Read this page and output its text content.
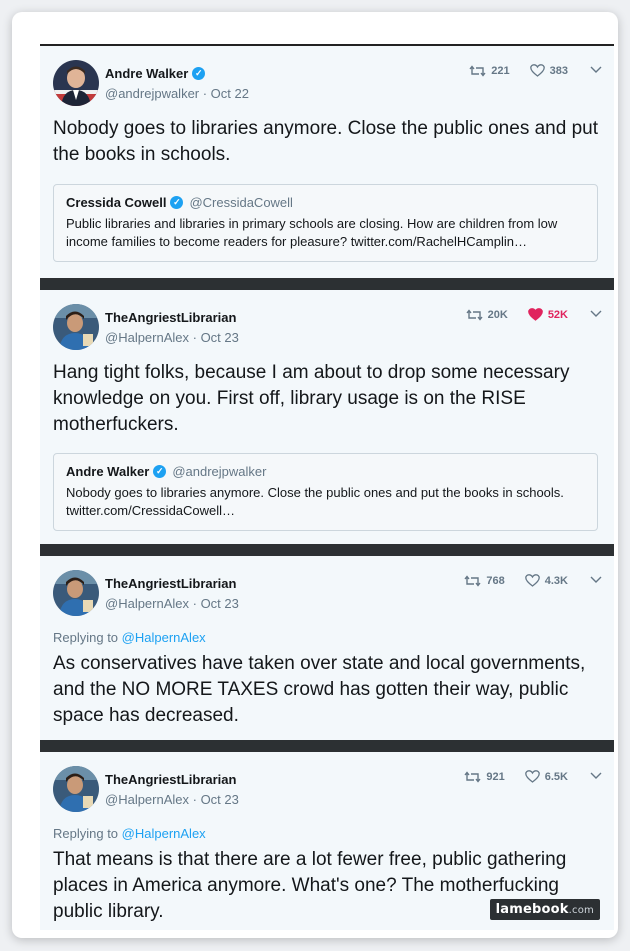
Andre Walker ✓
@andrejpwalker · Oct 22
221	383
Nobody goes to libraries anymore. Close the public ones and put the books in schools.
Cressida Cowell ✓ @CressidaCowell
Public libraries and libraries in primary schools are closing. How are children from low income families to become readers for pleasure? twitter.com/RachelHCamplin…
TheAngriestLibrarian
@HalpernAlex · Oct 23
20K	52K
Hang tight folks, because I am about to drop some necessary knowledge on you. First off, library usage is on the RISE motherfuckers.
Andre Walker ✓ @andrejpwalker
Nobody goes to libraries anymore. Close the public ones and put the books in schools. twitter.com/CressidaCowell…
TheAngriestLibrarian
@HalpernAlex · Oct 23
768	4.3K
Replying to @HalpernAlex
As conservatives have taken over state and local governments, and the NO MORE TAXES crowd has gotten their way, public space has decreased.
TheAngriestLibrarian
@HalpernAlex · Oct 23
921	6.5K
Replying to @HalpernAlex
That means is that there are a lot fewer free, public gathering places in America anymore. What's one? The motherfucking public library.	lamebook.com
